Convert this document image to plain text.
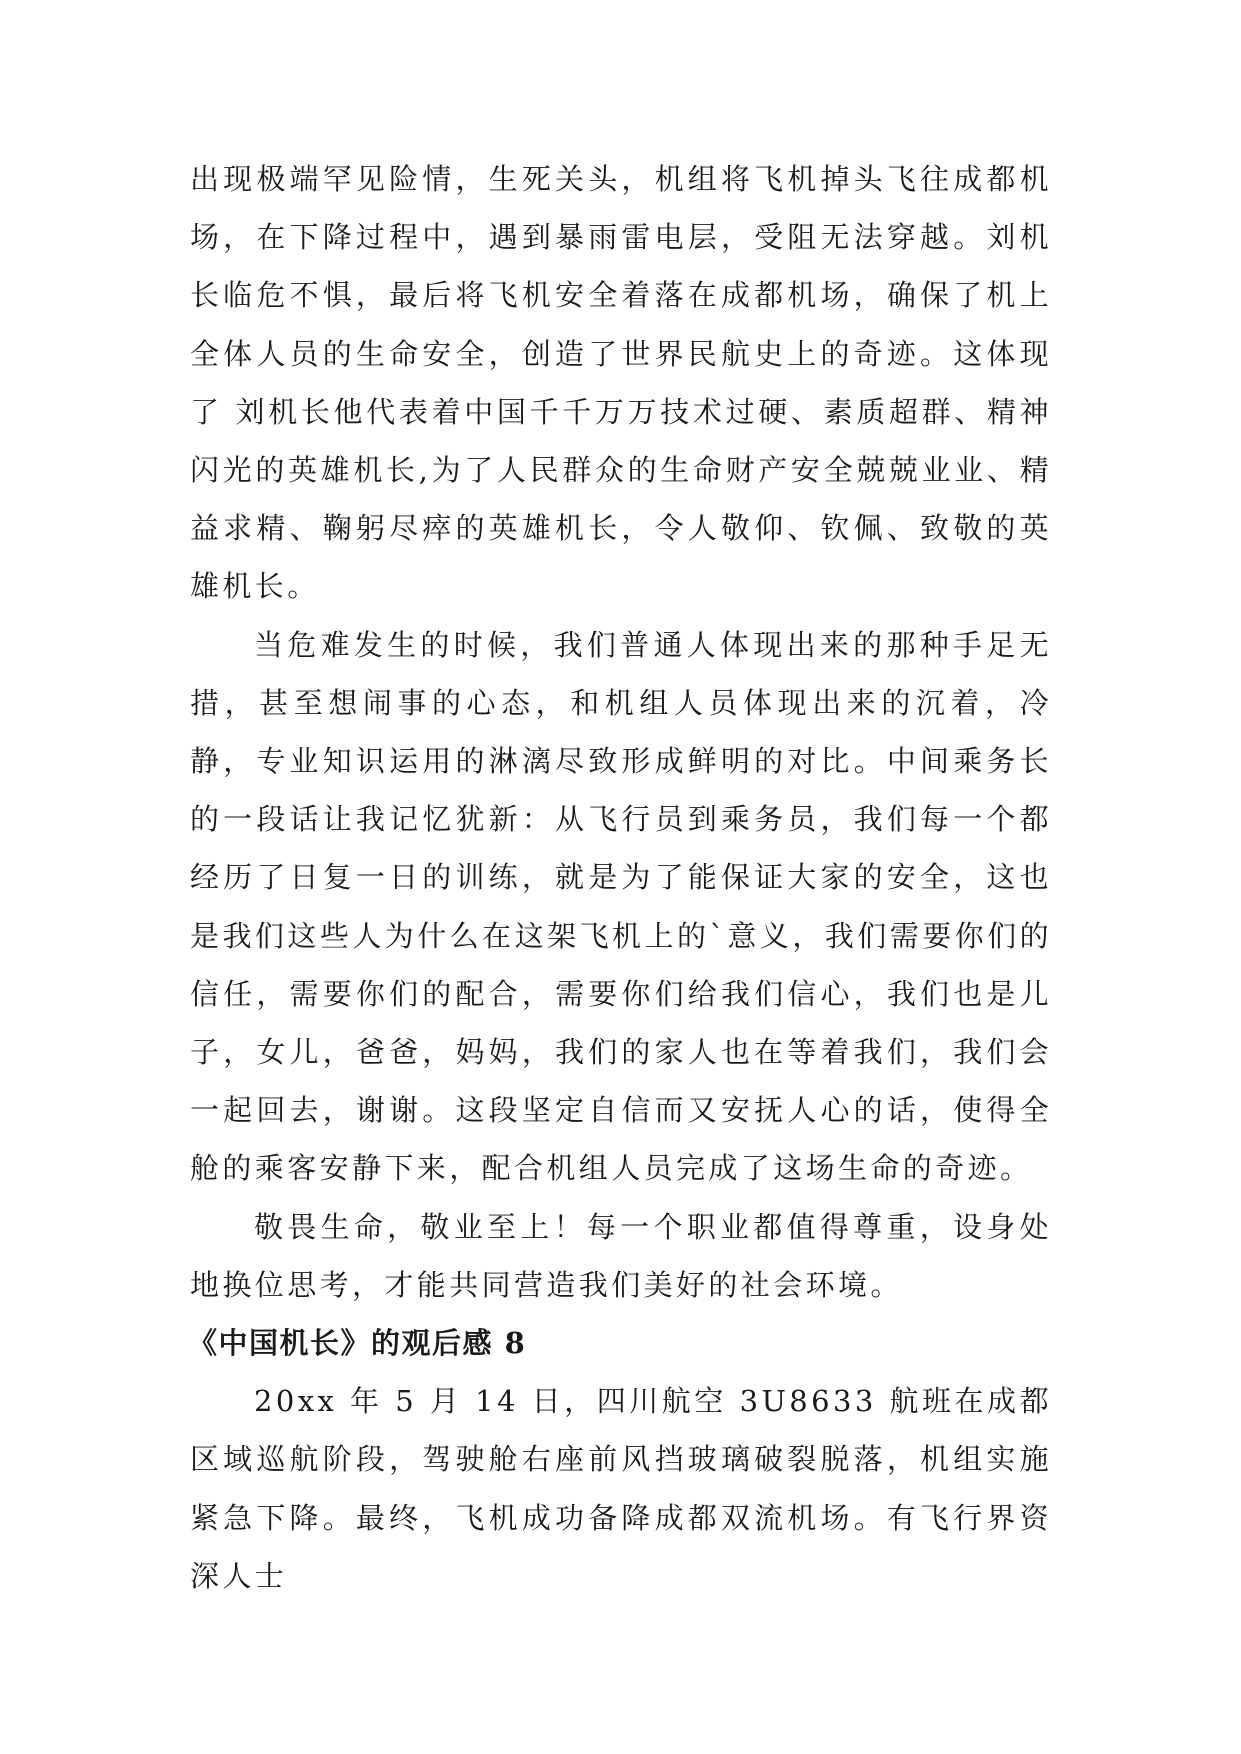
出现极端罕见险情，生死关头，机组将飞机掉头飞往成都机场，在下降过程中，遇到暴雨雷电层，受阻无法穿越。刘机长临危不惧，最后将飞机安全着落在成都机场，确保了机上全体人员的生命安全，创造了世界民航史上的奇迹。这体现了 刘机长他代表着中国千千万万技术过硬、素质超群、精神闪光的英雄机长,为了人民群众的生命财产安全兢兢业业、精益求精、鞠躬尽瘁的英雄机长，令人敬仰、钦佩、致敬的英雄机长。

当危难发生的时候，我们普通人体现出来的那种手足无措，甚至想闹事的心态，和机组人员体现出来的沉着，冷静，专业知识运用的淋漓尽致形成鲜明的对比。中间乘务长的一段话让我记忆犹新：从飞行员到乘务员，我们每一个都经历了日复一日的训练，就是为了能保证大家的安全，这也是我们这些人为什么在这架飞机上的`意义，我们需要你们的信任，需要你们的配合，需要你们给我们信心，我们也是儿子，女儿，爸爸，妈妈，我们的家人也在等着我们，我们会一起回去，谢谢。这段坚定自信而又安抚人心的话，使得全舱的乘客安静下来，配合机组人员完成了这场生命的奇迹。

敬畏生命，敬业至上！每一个职业都值得尊重，设身处地换位思考，才能共同营造我们美好的社会环境。

《中国机长》的观后感 8

20xx 年 5 月 14 日，四川航空 3U8633 航班在成都区域巡航阶段，驾驶舱右座前风挡玻璃破裂脱落，机组实施紧急下降。最终，飞机成功备降成都双流机场。有飞行界资深人士
